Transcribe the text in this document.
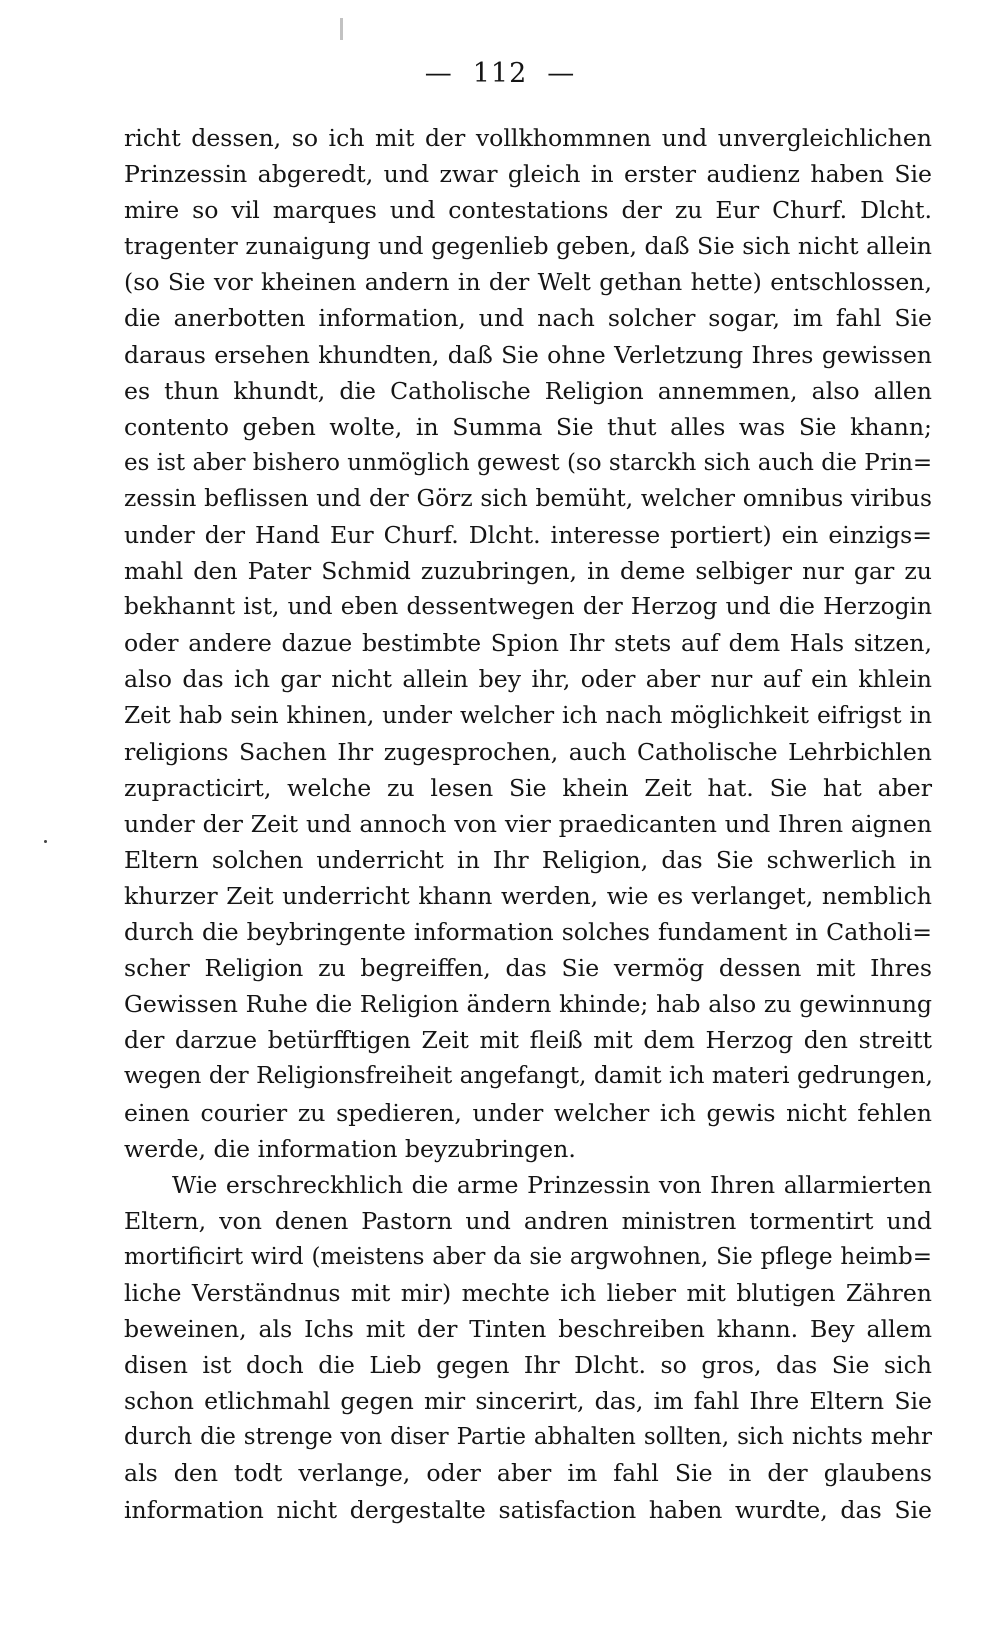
— 112 —
richt dessen, so ich mit der vollkhommnen und unvergleichlichen
Prinzessin abgeredt, und zwar gleich in erster audienz haben Sie
mire so vil marques und contestations der zu Eur Churf. Dlcht.
tragenter zunaigung und gegenlieb geben, daß Sie sich nicht allein
(so Sie vor kheinen andern in der Welt gethan hette) entschlossen,
die anerbotten information, und nach solcher sogar, im fahl Sie
daraus ersehen khundten, daß Sie ohne Verletzung Ihres gewissen
es thun khundt, die Catholische Religion annemmen, also allen
contento geben wolte, in Summa Sie thut alles was Sie khann;
es ist aber bishero unmöglich gewest (so starckh sich auch die Prin=
zessin beflissen und der Görz sich bemüht, welcher omnibus viribus
under der Hand Eur Churf. Dlcht. interesse portiert) ein einzigs=
mahl den Pater Schmid zuzubringen, in deme selbiger nur gar zu
bekhannt ist, und eben dessentwegen der Herzog und die Herzogin
oder andere dazue bestimbte Spion Ihr stets auf dem Hals sitzen,
also das ich gar nicht allein bey ihr, oder aber nur auf ein khlein
Zeit hab sein khinen, under welcher ich nach möglichkeit eifrigst in
religions Sachen Ihr zugesprochen, auch Catholische Lehrbichlen
zupracticirt, welche zu lesen Sie khein Zeit hat. Sie hat aber
under der Zeit und annoch von vier praedicanten und Ihren aignen
Eltern solchen underricht in Ihr Religion, das Sie schwerlich in
khurzer Zeit underricht khann werden, wie es verlanget, nemblich
durch die beybringente information solches fundament in Catholi=
scher Religion zu begreiffen, das Sie vermög dessen mit Ihres
Gewissen Ruhe die Religion ändern khinde; hab also zu gewinnung
der darzue betürfftigen Zeit mit fleiß mit dem Herzog den streitt
wegen der Religionsfreiheit angefangt, damit ich materi gedrungen,
einen courier zu spedieren, under welcher ich gewis nicht fehlen
werde, die information beyzubringen.
Wie erschreckhlich die arme Prinzessin von Ihren allarmierten
Eltern, von denen Pastorn und andren ministren tormentirt und
mortificirt wird (meistens aber da sie argwohnen, Sie pflege heimb=
liche Verständnus mit mir) mechte ich lieber mit blutigen Zähren
beweinen, als Ichs mit der Tinten beschreiben khann. Bey allem
disen ist doch die Lieb gegen Ihr Dlcht. so gros, das Sie sich
schon etlichmahl gegen mir sincerirt, das, im fahl Ihre Eltern Sie
durch die strenge von diser Partie abhalten sollten, sich nichts mehr
als den todt verlange, oder aber im fahl Sie in der glaubens
information nicht dergestalte satisfaction haben wurdte, das Sie
